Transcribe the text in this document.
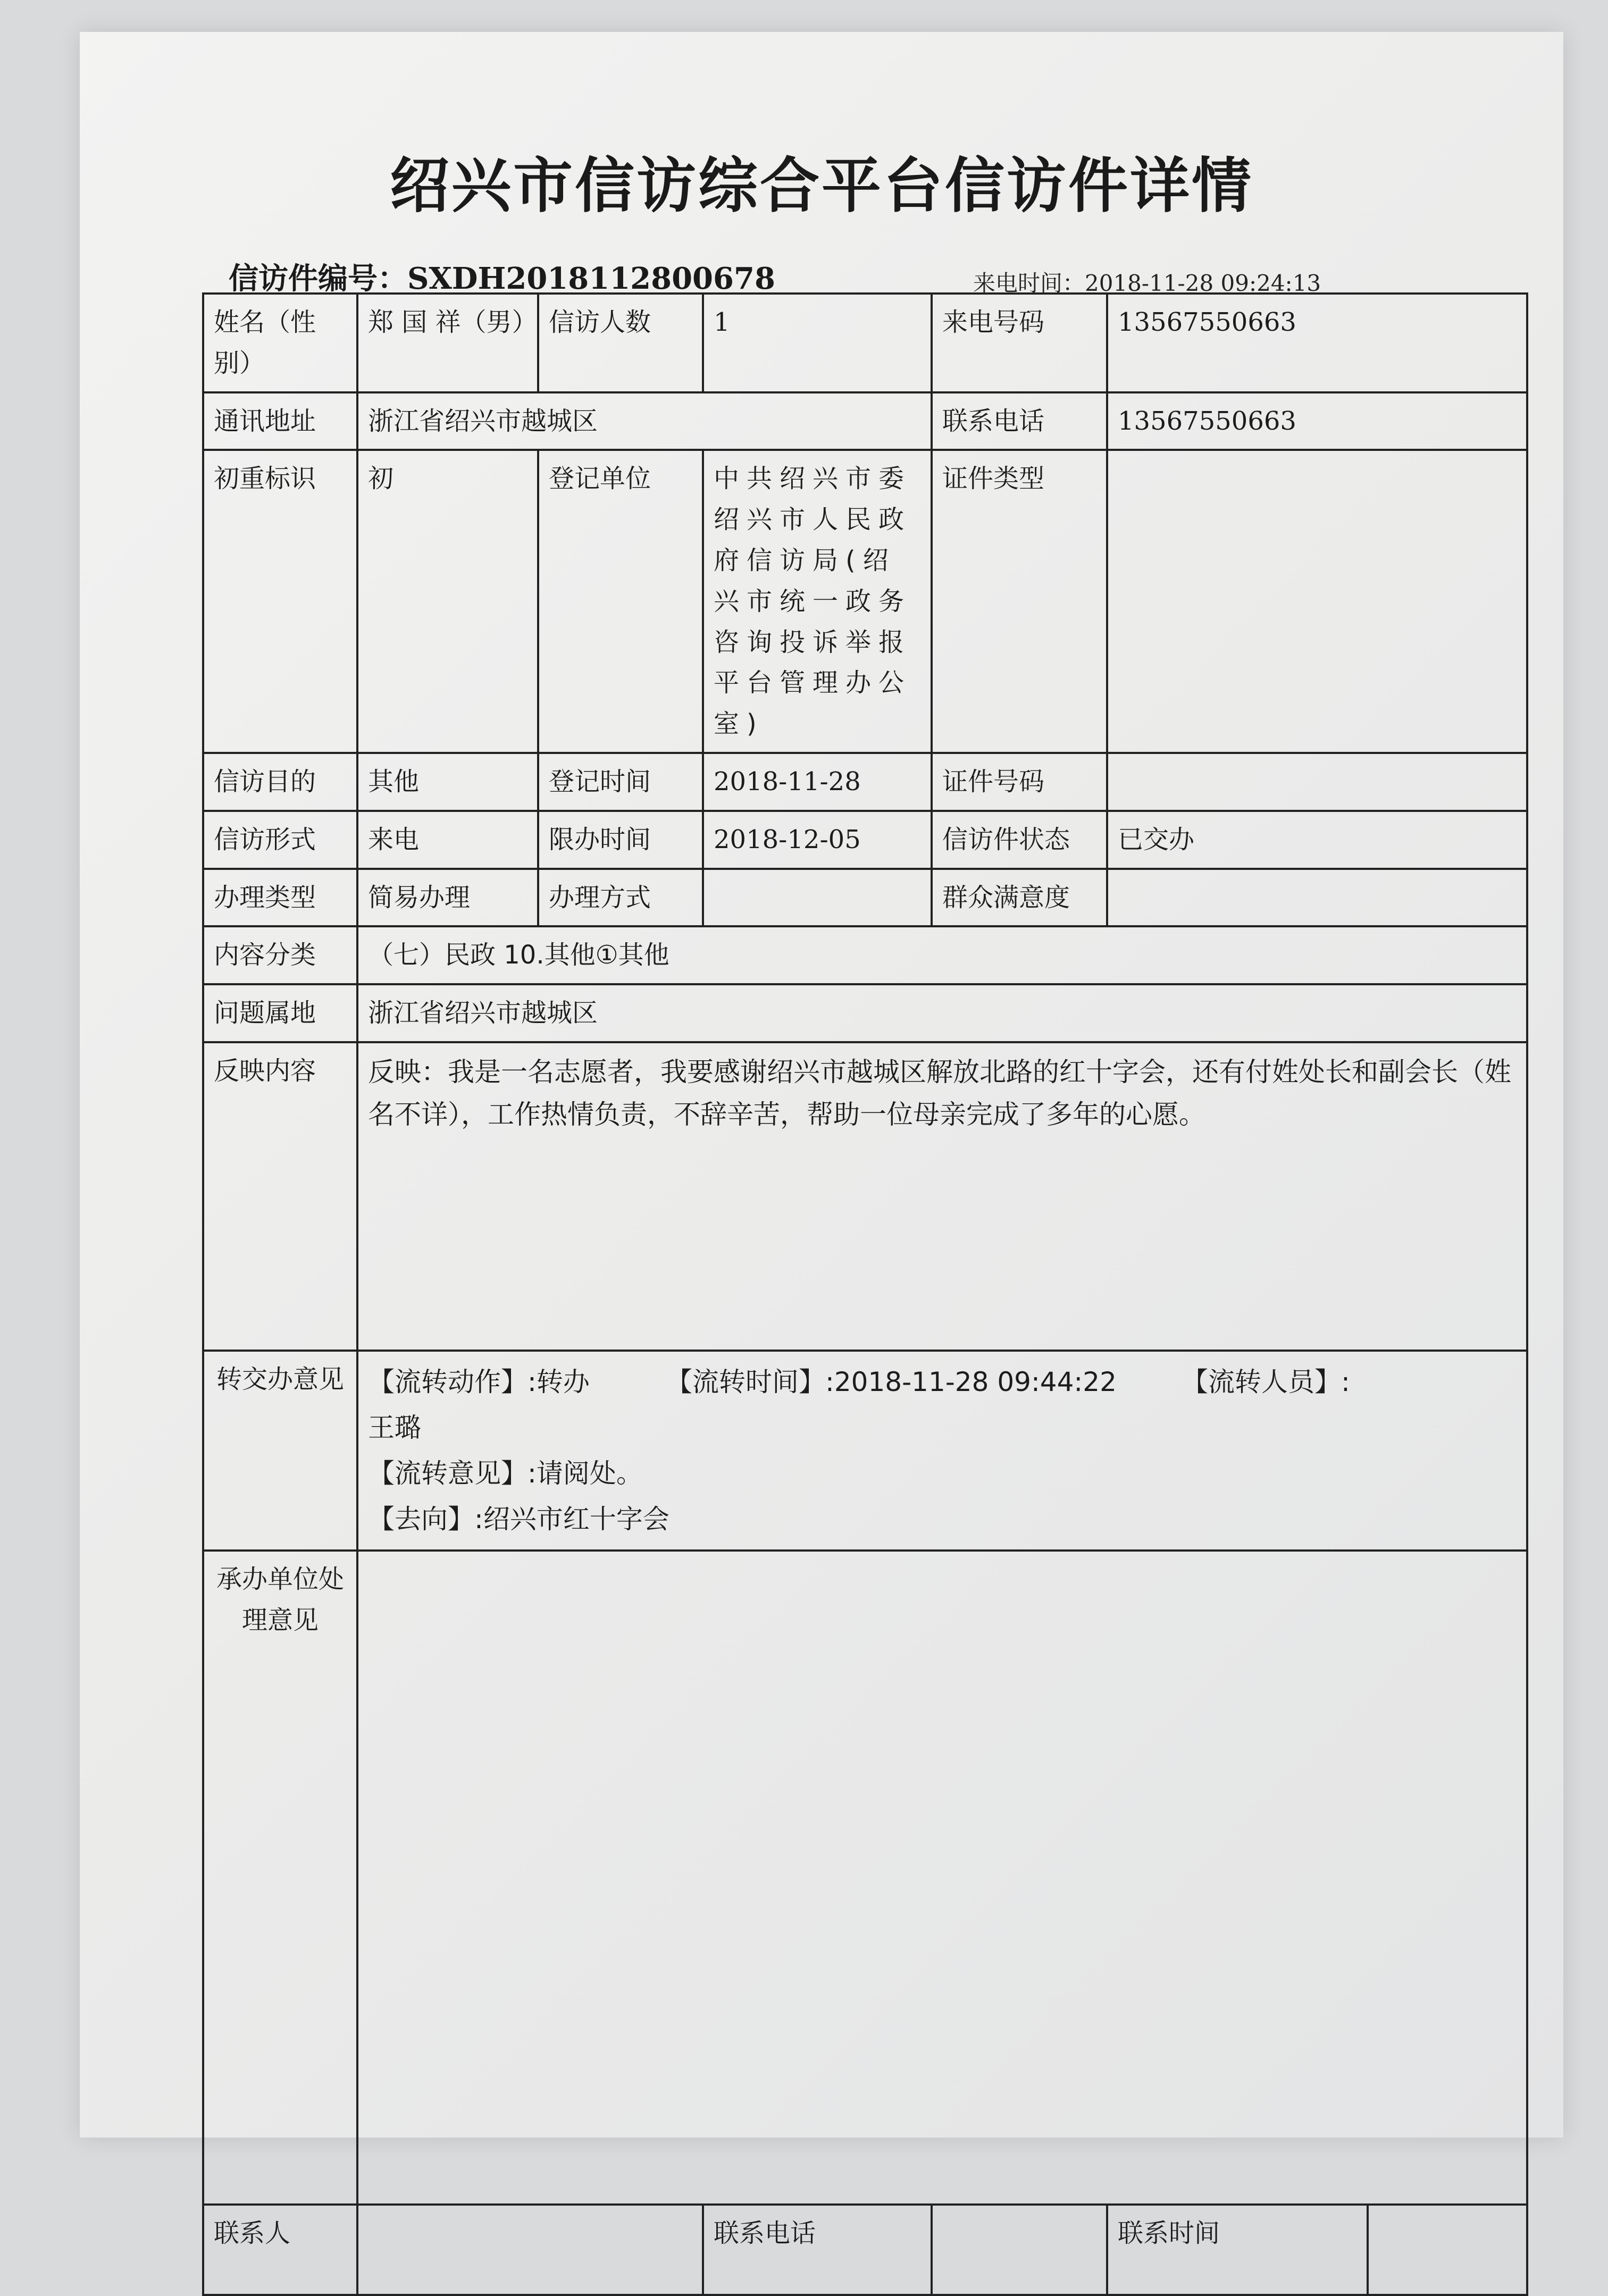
绍兴市信访综合平台信访件详情
信访件编号：SXDH2018112800678	来电时间：2018-11-28 09:24:13
姓名（性别）	郑 国 祥（男）	信访人数	1	来电号码	13567550663	
通讯地址	浙江省绍兴市越城区			联系电话	13567550663	
初重标识	初	登记单位	中共绍兴市委绍兴市人民政府信访局(绍兴市统一政务咨询投诉举报平台管理办公室)	证件类型		
信访目的	其他	登记时间	2018-11-28	证件号码		
信访形式	来电	限办时间	2018-12-05	信访件状态	已交办	
办理类型	简易办理	办理方式		群众满意度		
内容分类	（七）民政 10.其他①其他					
问题属地	浙江省绍兴市越城区					
反映内容	反映：我是一名志愿者，我要感谢绍兴市越城区解放北路的红十字会，还有付姓处长和副会长（姓名不详），工作热情负责，不辞辛苦，帮助一位母亲完成了多年的心愿。					
转交办意见	【流转动作】:转办 【流转时间】:2018-11-28 09:44:22 【流转人员】:

王璐

【流转意见】:请阅处。

【去向】:绍兴市红十字会					

承办单位处理意见						
联系人			联系电话		联系时间	
